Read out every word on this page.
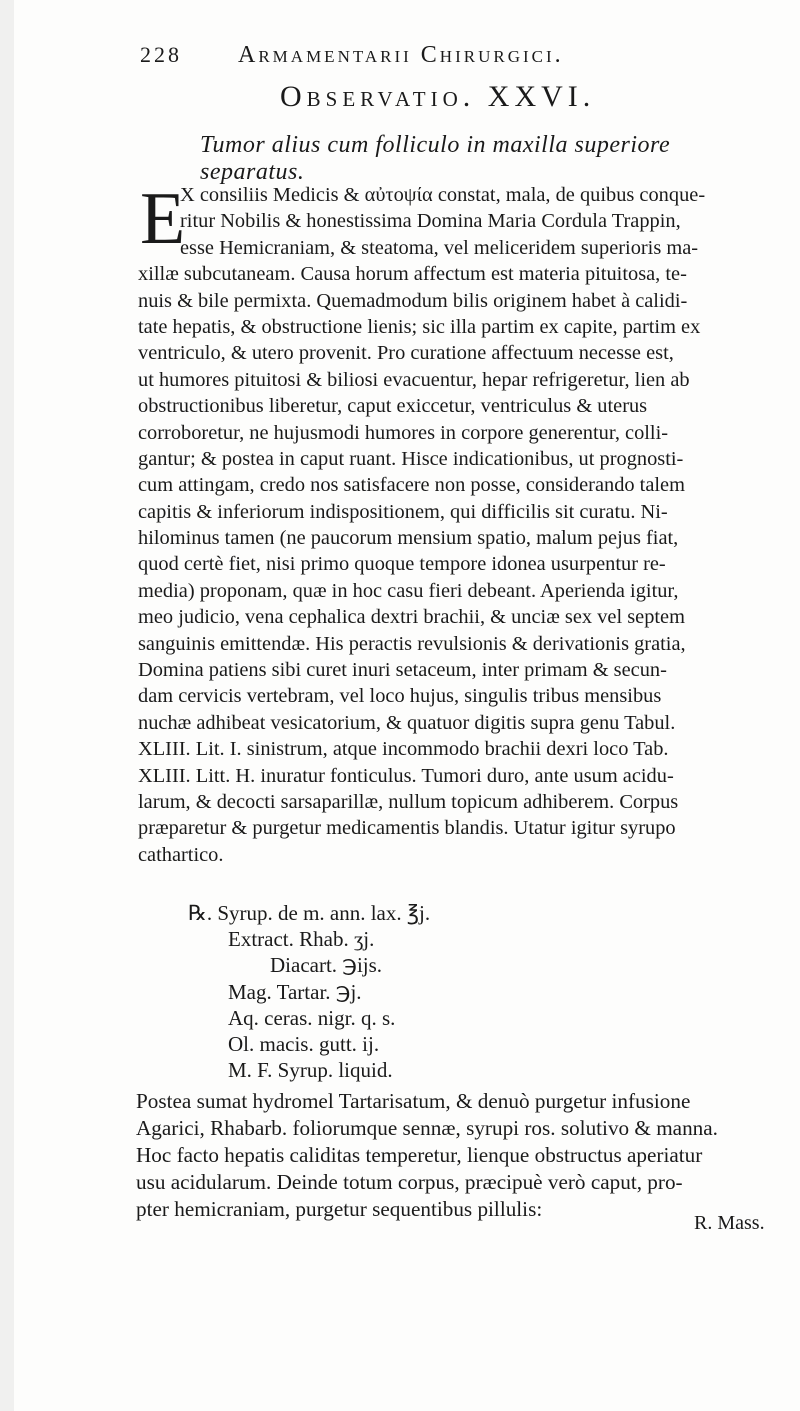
228 Armamentarii Chirurgici.
Observatio. XXVI.
Tumor alius cum folliculo in maxilla superiore separatus.
E
X consiliis Medicis & αὐτοψία constat, mala, de quibus conque-
ritur Nobilis & honestissima Domina Maria Cordula Trappin,
esse Hemicraniam, & steatoma, vel meliceridem superioris ma-
xillæ subcutaneam. Causa horum affectum est materia pituitosa, te-
nuis & bile permixta. Quemadmodum bilis originem habet à calidi-
tate hepatis, & obstructione lienis; sic illa partim ex capite, partim ex
ventriculo, & utero provenit. Pro curatione affectuum necesse est,
ut humores pituitosi & biliosi evacuentur, hepar refrigeretur, lien ab
obstructionibus liberetur, caput exiccetur, ventriculus & uterus
corroboretur, ne hujusmodi humores in corpore generentur, colli-
gantur; & postea in caput ruant. Hisce indicationibus, ut prognosti-
cum attingam, credo nos satisfacere non posse, considerando talem
capitis & inferiorum indispositionem, qui difficilis sit curatu. Ni-
hilominus tamen (ne paucorum mensium spatio, malum pejus fiat,
quod certè fiet, nisi primo quoque tempore idonea usurpentur re-
media) proponam, quæ in hoc casu fieri debeant. Aperienda igitur,
meo judicio, vena cephalica dextri brachii, & unciæ sex vel septem
sanguinis emittendæ. His peractis revulsionis & derivationis gratia,
Domina patiens sibi curet inuri setaceum, inter primam & secun-
dam cervicis vertebram, vel loco hujus, singulis tribus mensibus
nuchæ adhibeat vesicatorium, & quatuor digitis supra genu Tabul.
XLIII. Lit. I. sinistrum, atque incommodo brachii dexri loco Tab.
XLIII. Litt. H. inuratur fonticulus. Tumori duro, ante usum acidu-
larum, & decocti sarsaparillæ, nullum topicum adhiberem. Corpus
præparetur & purgetur medicamentis blandis. Utatur igitur syrupo
cathartico.
℞. Syrup. de m. ann. lax. ℥j.
Extract. Rhab. ʒj.
Diacart. ℈ijs.
Mag. Tartar. ℈j.
Aq. ceras. nigr. q. s.
Ol. macis. gutt. ij.
M. F. Syrup. liquid.
Postea sumat hydromel Tartarisatum, & denuò purgetur infusione
Agarici, Rhabarb. foliorumque sennæ, syrupi ros. solutivo & manna.
Hoc facto hepatis caliditas temperetur, lienque obstructus aperiatur
usu acidularum. Deinde totum corpus, præcipuè verò caput, pro-
pter hemicraniam, purgetur sequentibus pillulis:
R. Mass.
